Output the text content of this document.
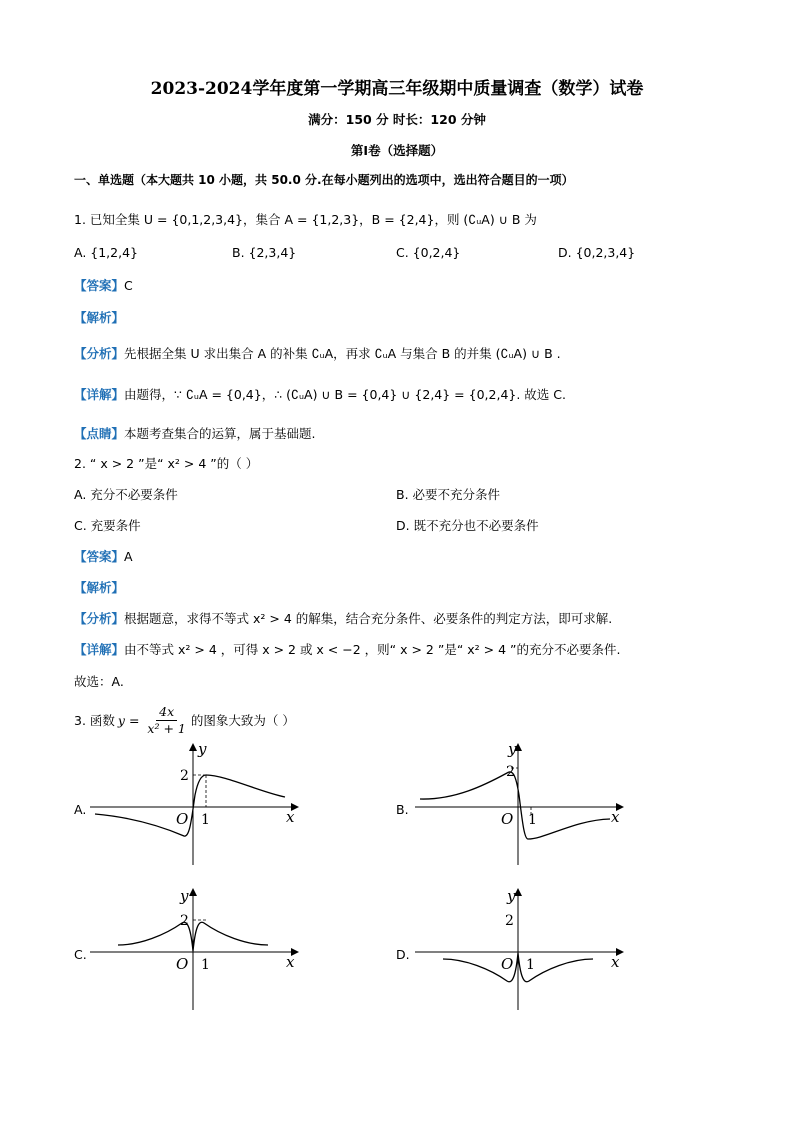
2023-2024学年度第一学期高三年级期中质量调查（数学）试卷
满分：150 分 时长：120 分钟
第Ⅰ卷（选择题）
一、单选题（本大题共 10 小题，共 50.0 分.在每小题列出的选项中，选出符合题目的一项）
1. 已知全集 U = {0,1,2,3,4}，集合 A = {1,2,3}，B = {2,4}，则 (∁ᵤA) ∪ B 为
A. {1,2,4}	B. {2,3,4}	C. {0,2,4}	D. {0,2,3,4}
【答案】C
【解析】
【分析】先根据全集 U 求出集合 A 的补集 ∁ᵤA，再求 ∁ᵤA 与集合 B 的并集 (∁ᵤA) ∪ B .
【详解】由题得，∵ ∁ᵤA = {0,4}，∴ (∁ᵤA) ∪ B = {0,4} ∪ {2,4} = {0,2,4}. 故选 C.
【点睛】本题考查集合的运算，属于基础题.
2. “ x > 2 ”是“ x² > 4 ”的（ ）
A. 充分不必要条件	B. 必要不充分条件
C. 充要条件	D. 既不充分也不必要条件
【答案】A
【解析】
【分析】根据题意，求得不等式 x² > 4 的解集，结合充分条件、必要条件的判定方法，即可求解.
【详解】由不等式 x² > 4 ，可得 x > 2 或 x < −2 ，则“ x > 2 ”是“ x² > 4 ”的充分不必要条件.
故选：A.
3. 函数 $y = \frac{4x}{\text{x² + 1}}$ 的图象大致为（ ）
A.
y
x
O 1
2
B.
y
x
O 1
2
C.
y
x
O 1
2
D.
y
x
O 1
2
